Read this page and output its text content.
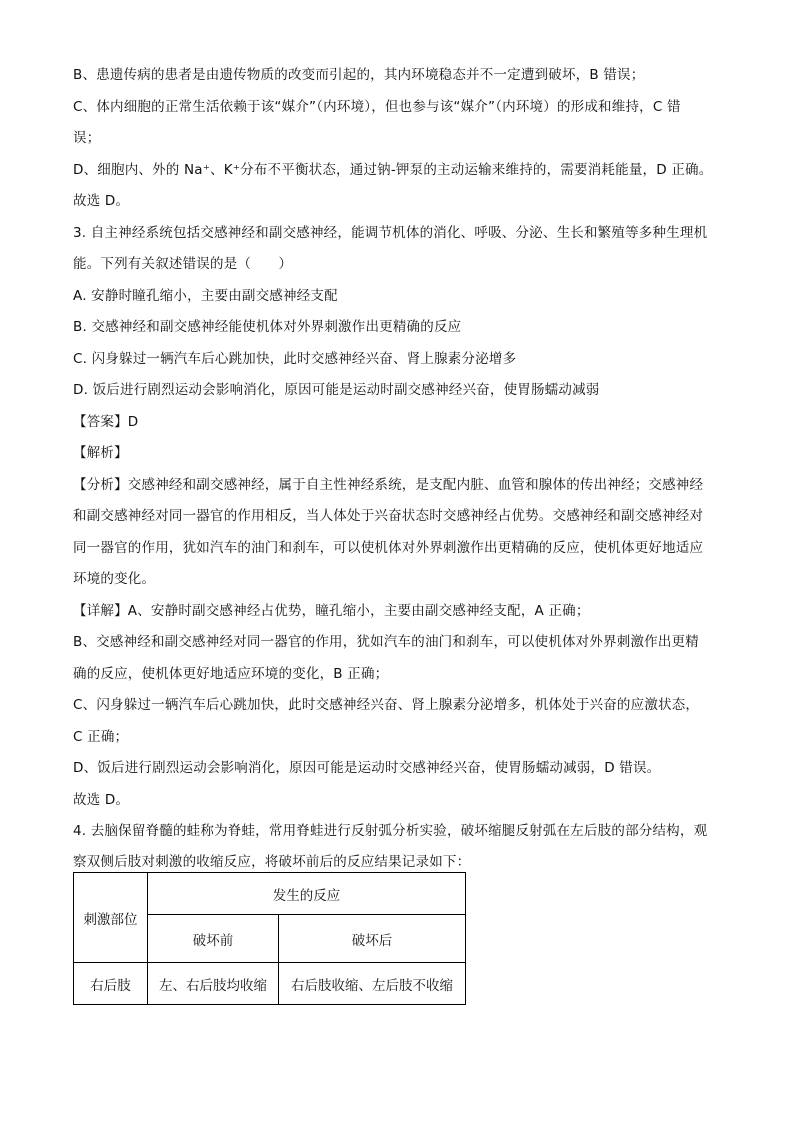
B、患遗传病的患者是由遗传物质的改变而引起的，其内环境稳态并不一定遭到破坏，B 错误；
C、体内细胞的正常生活依赖于该“媒介”（内环境），但也参与该“媒介”（内环境）的形成和维持，C 错
误；
D、细胞内、外的 Na⁺、K⁺分布不平衡状态，通过钠-钾泵的主动运输来维持的，需要消耗能量，D 正确。
故选 D。
3. 自主神经系统包括交感神经和副交感神经，能调节机体的消化、呼吸、分泌、生长和繁殖等多种生理机
能。下列有关叙述错误的是（　　）
A. 安静时瞳孔缩小，主要由副交感神经支配
B. 交感神经和副交感神经能使机体对外界刺激作出更精确的反应
C. 闪身躲过一辆汽车后心跳加快，此时交感神经兴奋、肾上腺素分泌增多
D. 饭后进行剧烈运动会影响消化，原因可能是运动时副交感神经兴奋，使胃肠蠕动减弱
【答案】D
【解析】
【分析】交感神经和副交感神经，属于自主性神经系统，是支配内脏、血管和腺体的传出神经；交感神经
和副交感神经对同一器官的作用相反，当人体处于兴奋状态时交感神经占优势。交感神经和副交感神经对
同一器官的作用，犹如汽车的油门和刹车，可以使机体对外界刺激作出更精确的反应，使机体更好地适应
环境的变化。
【详解】A、安静时副交感神经占优势，瞳孔缩小，主要由副交感神经支配，A 正确；
B、交感神经和副交感神经对同一器官的作用，犹如汽车的油门和刹车，可以使机体对外界刺激作出更精
确的反应，使机体更好地适应环境的变化，B 正确；
C、闪身躲过一辆汽车后心跳加快，此时交感神经兴奋、肾上腺素分泌增多，机体处于兴奋的应激状态，
C 正确；
D、饭后进行剧烈运动会影响消化，原因可能是运动时交感神经兴奋，使胃肠蠕动减弱，D 错误。
故选 D。
4. 去脑保留脊髓的蛙称为脊蛙，常用脊蛙进行反射弧分析实验，破坏缩腿反射弧在左后肢的部分结构，观
察双侧后肢对刺激的收缩反应，将破坏前后的反应结果记录如下：
刺激部位	发生的反应	
	破坏前	破坏后
右后肢	左、右后肢均收缩	右后肢收缩、左后肢不收缩
